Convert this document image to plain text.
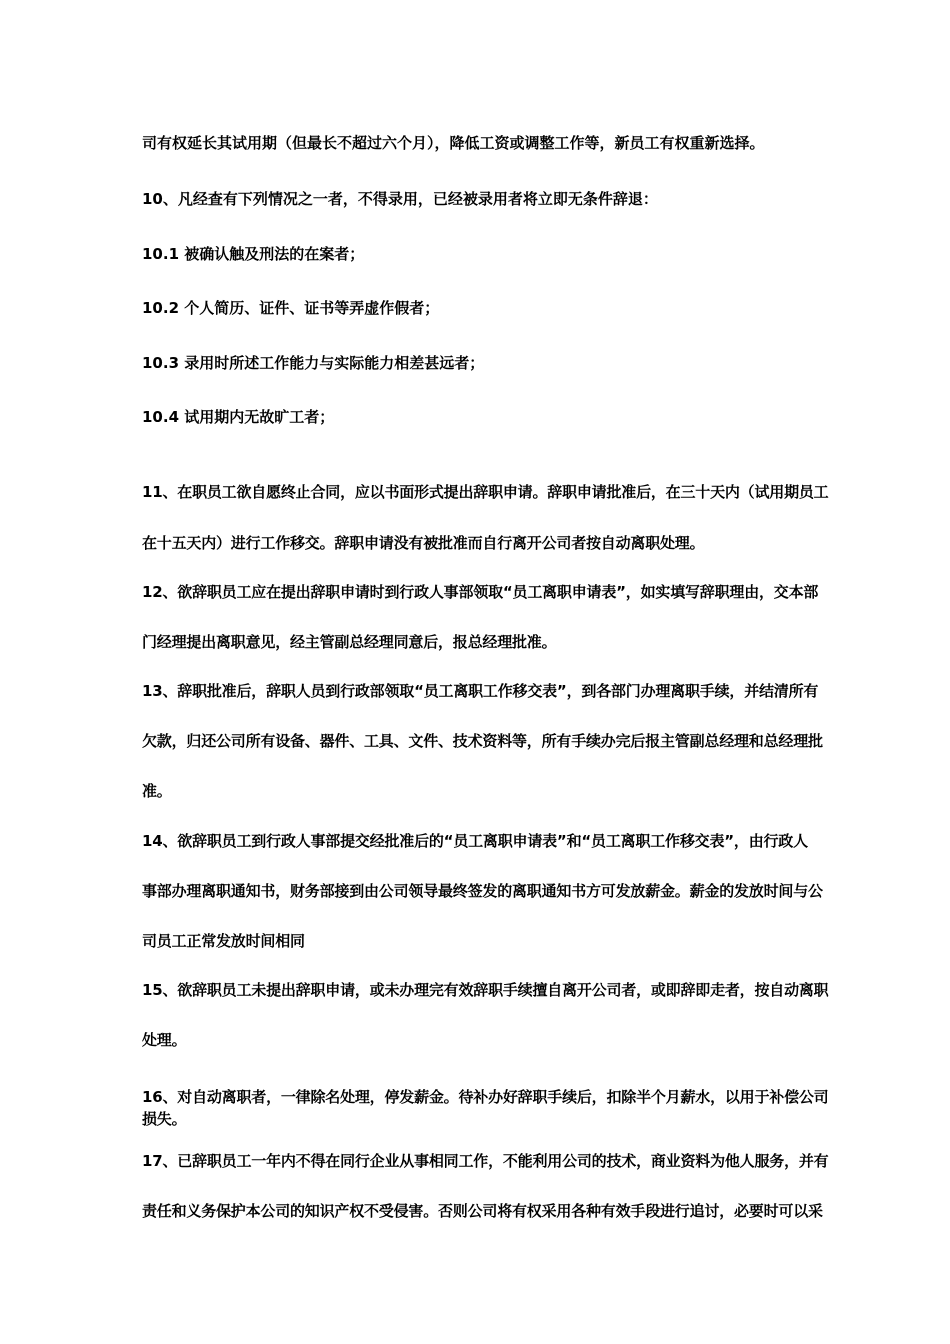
司有权延长其试用期（但最长不超过六个月），降低工资或调整工作等，新员工有权重新选择。
10、凡经查有下列情况之一者，不得录用，已经被录用者将立即无条件辞退：
10.1 被确认触及刑法的在案者；
10.2 个人简历、证件、证书等弄虚作假者；
10.3 录用时所述工作能力与实际能力相差甚远者；
10.4 试用期内无故旷工者；
11、在职员工欲自愿终止合同，应以书面形式提出辞职申请。辞职申请批准后，在三十天内（试用期员工
在十五天内）进行工作移交。辞职申请没有被批准而自行离开公司者按自动离职处理。
12、欲辞职员工应在提出辞职申请时到行政人事部领取“员工离职申请表”，如实填写辞职理由，交本部
门经理提出离职意见，经主管副总经理同意后，报总经理批准。
13、辞职批准后，辞职人员到行政部领取“员工离职工作移交表”，到各部门办理离职手续，并结清所有
欠款，归还公司所有设备、器件、工具、文件、技术资料等，所有手续办完后报主管副总经理和总经理批
准。
14、欲辞职员工到行政人事部提交经批准后的“员工离职申请表”和“员工离职工作移交表”，由行政人
事部办理离职通知书，财务部接到由公司领导最终签发的离职通知书方可发放薪金。薪金的发放时间与公
司员工正常发放时间相同
15、欲辞职员工未提出辞职申请，或未办理完有效辞职手续擅自离开公司者，或即辞即走者，按自动离职
处理。
16、对自动离职者，一律除名处理，停发薪金。待补办好辞职手续后，扣除半个月薪水，以用于补偿公司
损失。
17、已辞职员工一年内不得在同行企业从事相同工作，不能利用公司的技术，商业资料为他人服务，并有
责任和义务保护本公司的知识产权不受侵害。否则公司将有权采用各种有效手段进行追讨，必要时可以采
